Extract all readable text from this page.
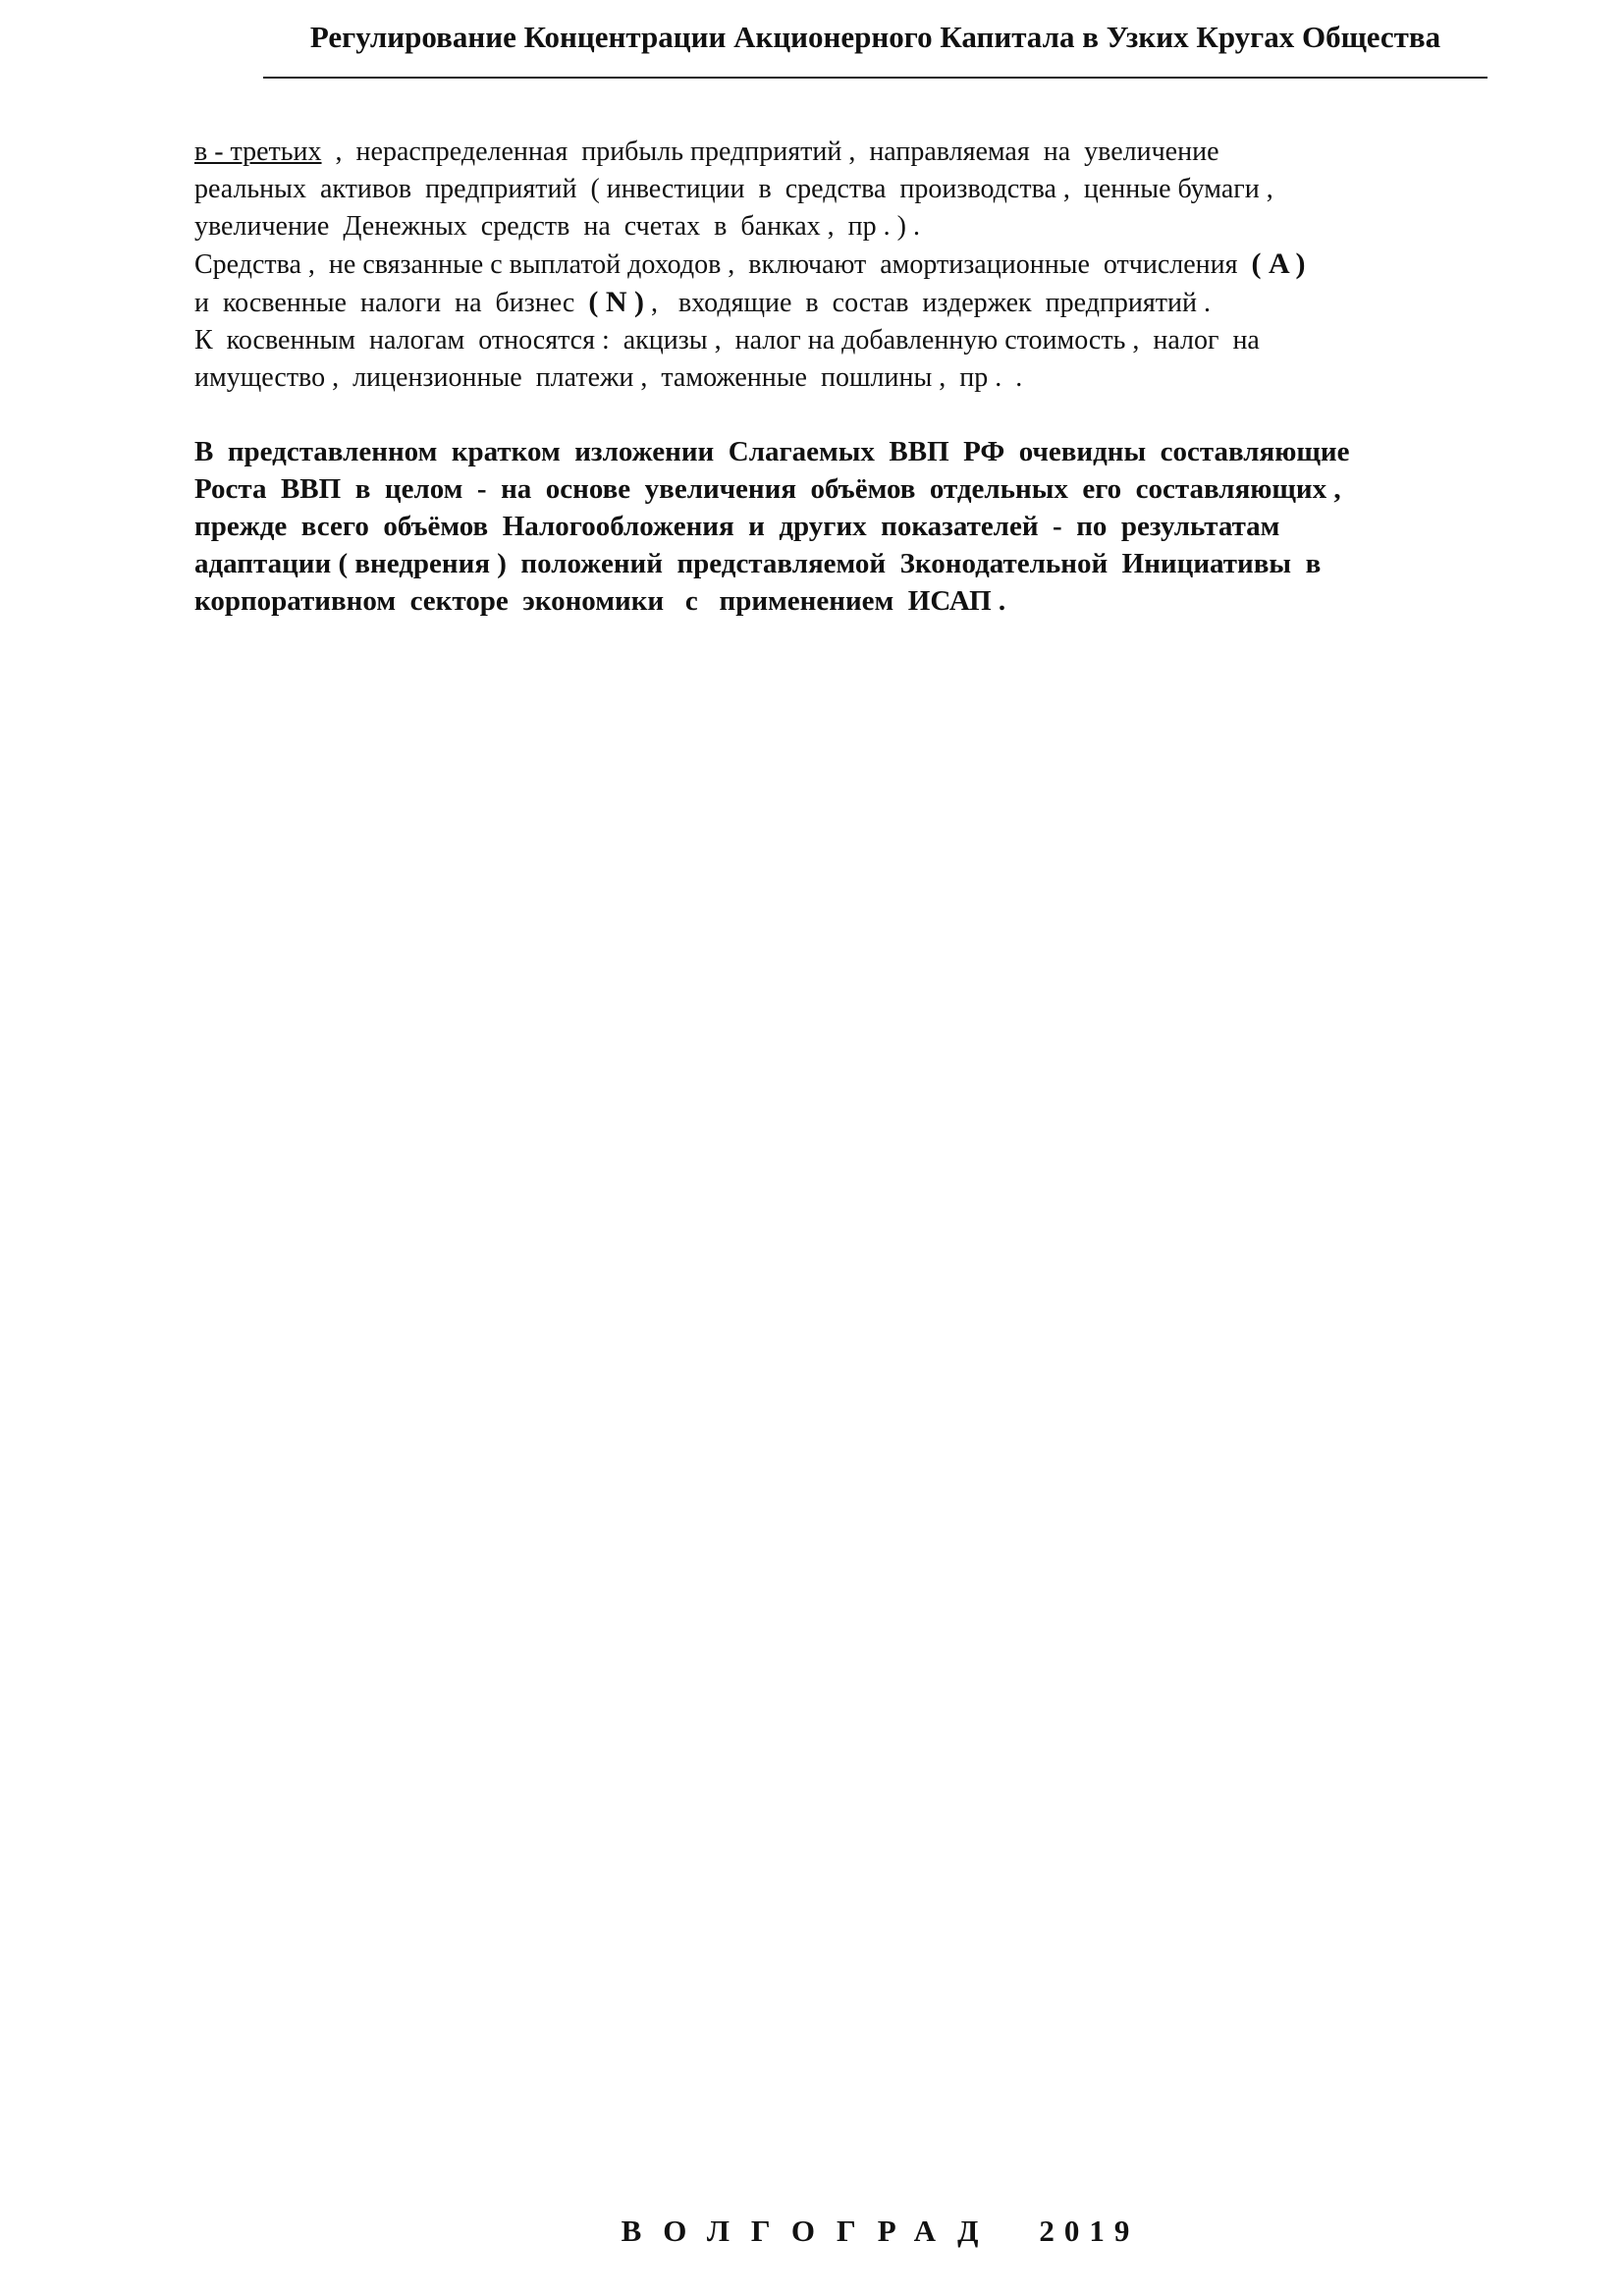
Регулирование Концентрации Акционерного Капитала в Узких Кругах Общества
в - третьих  ,  нераспределенная  прибыль предприятий ,  направляемая  на  увеличение
реальных  активов  предприятий  ( инвестиции  в  средства  производства ,  ценные бумаги ,
увеличение  Денежных  средств  на  счетах  в  банках ,  пр . ) .
Средства ,  не связанные с выплатой доходов ,  включают  амортизационные  отчисления  ( A )
и  косвенные  налоги  на  бизнес  ( N ) ,   входящие  в  состав  издержек  предприятий .
К  косвенным  налогам  относятся :  акцизы ,  налог на добавленную стоимость ,  налог  на
имущество ,  лицензионные  платежи ,  таможенные  пошлины ,  пр .  .
В  представленном  кратком  изложении  Слагаемых  ВВП  РФ  очевидны  составляющие
Роста  ВВП  в  целом  -  на  основе  увеличения  объёмов  отдельных  его  составляющих ,
прежде  всего  объёмов  Налогообложения  и  других  показателей  -  по  результатам
адаптации ( внедрения )  положений  представляемой  Зконодательной  Инициативы  в
корпоративном  секторе  экономики   с   применением  ИСАП .
ВОЛГОГРАД 2019
